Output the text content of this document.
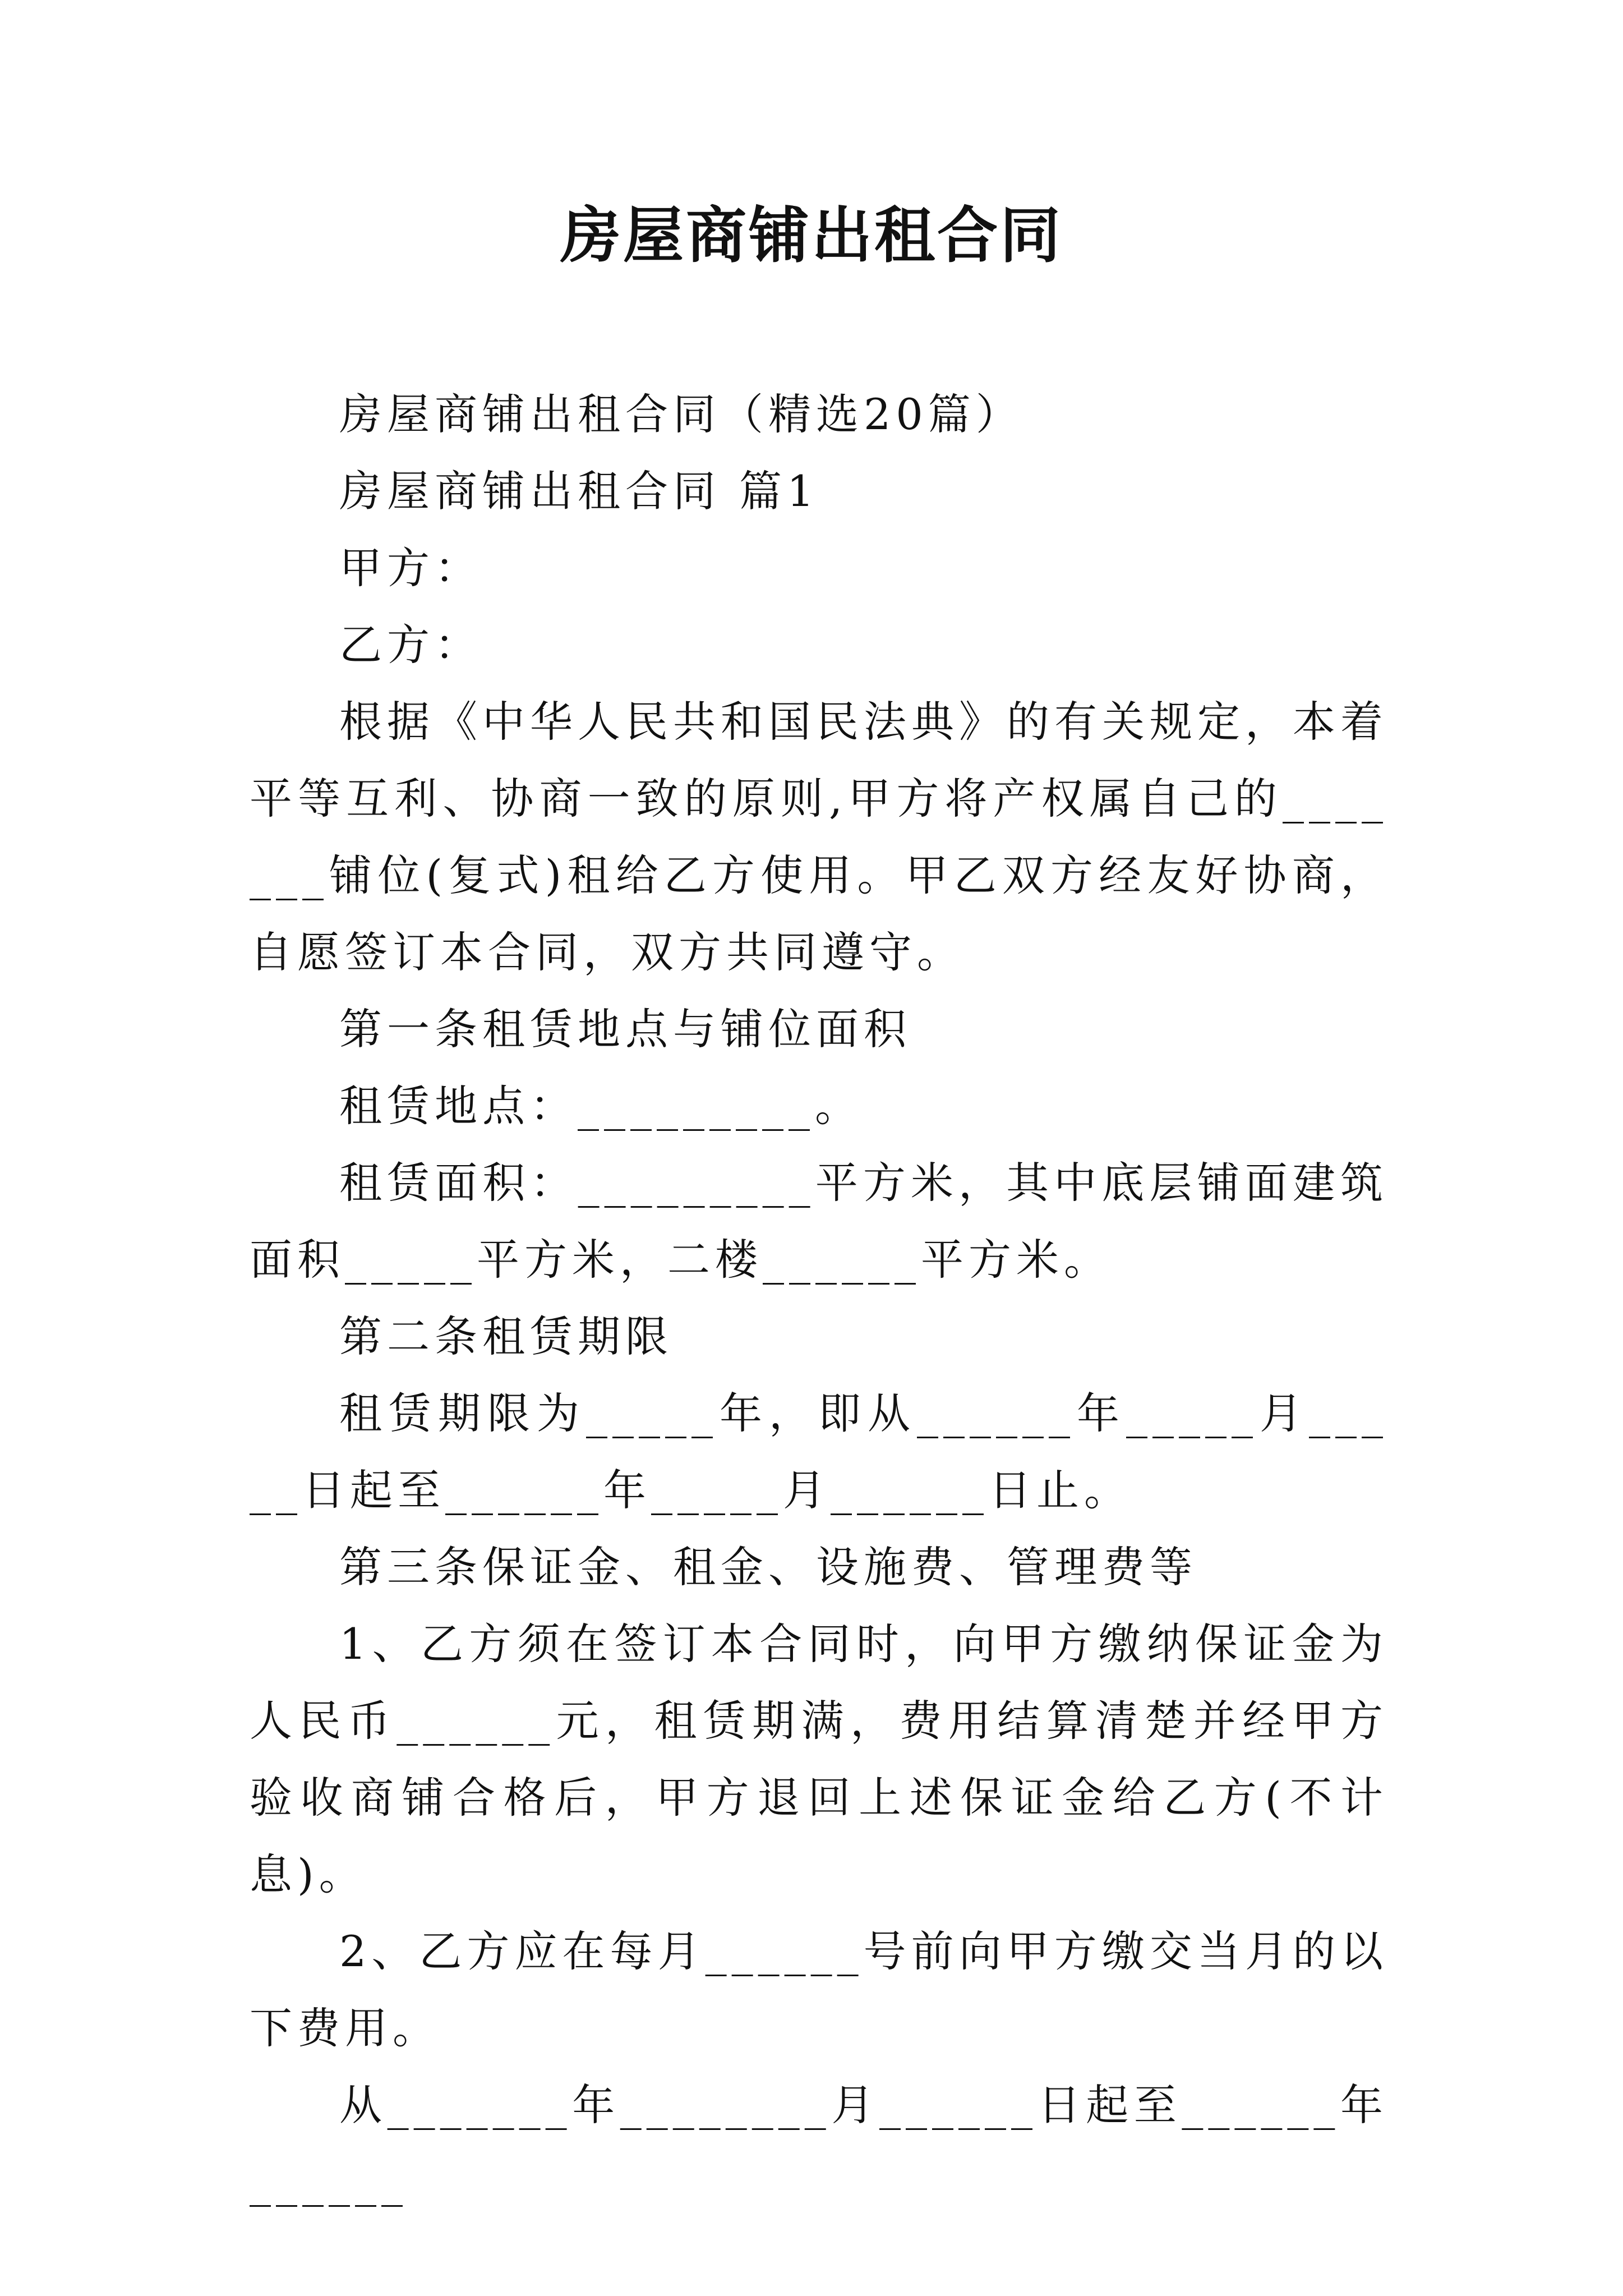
房屋商铺出租合同

房屋商铺出租合同（精选20篇）

房屋商铺出租合同 篇1

甲方：

乙方：

根据《中华人民共和国民法典》的有关规定，本着平等互利、协商一致的原则,甲方将产权属自己的_______铺位(复式)租给乙方使用。甲乙双方经友好协商，自愿签订本合同，双方共同遵守。

第一条租赁地点与铺位面积

租赁地点：_________。

租赁面积：_________平方米，其中底层铺面建筑面积_____平方米，二楼______平方米。

第二条租赁期限

租赁期限为_____年，即从______年_____月_____日起至______年_____月______日止。

第三条保证金、租金、设施费、管理费等

1、乙方须在签订本合同时，向甲方缴纳保证金为人民币______元，租赁期满，费用结算清楚并经甲方验收商铺合格后，甲方退回上述保证金给乙方(不计息)。

2、乙方应在每月______号前向甲方缴交当月的以下费用。

从_______年________月______日起至______年______
